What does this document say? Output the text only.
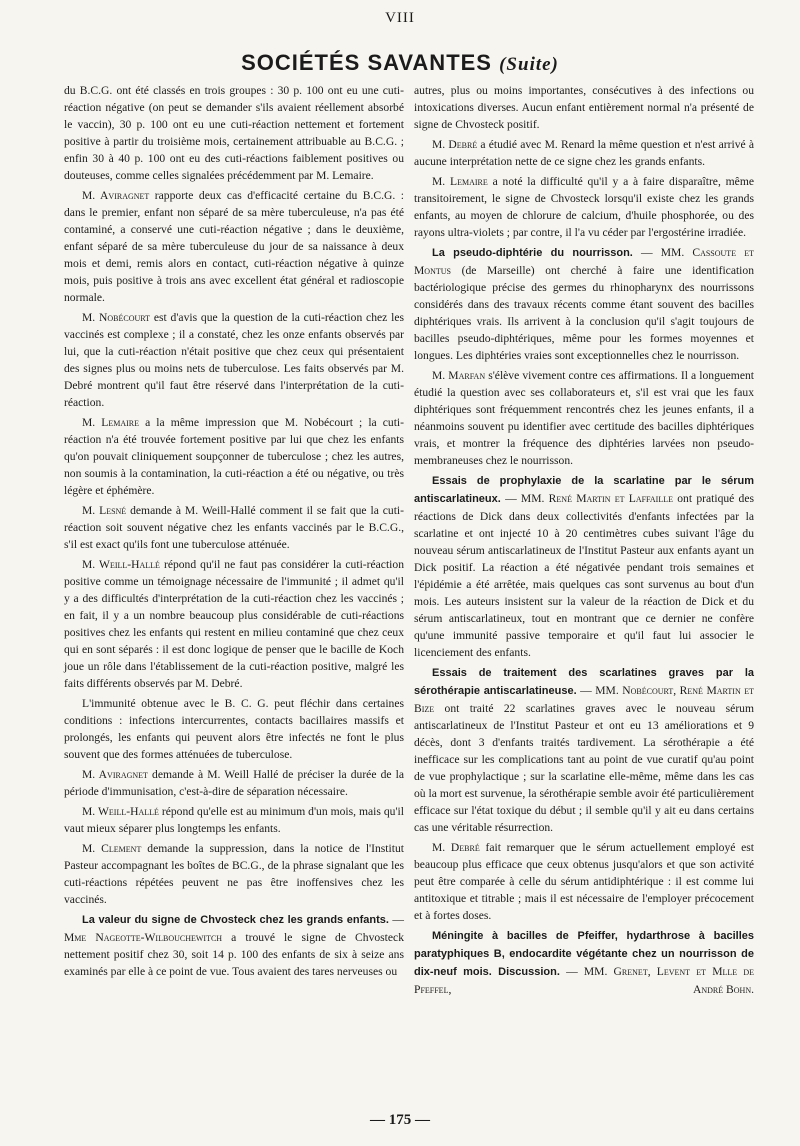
VIII
SOCIÉTÉS SAVANTES (Suite)

du B.C.G. ont été classés en trois groupes : 30 p. 100 ont eu une cuti-réaction négative (on peut se demander s'ils avaient réellement absorbé le vaccin), 30 p. 100 ont eu une cuti-réaction nettement et fortement positive à partir du troisième mois, certainement attribuable au B.C.G. ; enfin 30 à 40 p. 100 ont eu des cuti-réactions faiblement positives ou douteuses, comme celles signalées précédemment par M. Lemaire.

M. Aviragnet rapporte deux cas d'efficacité certaine du B.C.G. : dans le premier, enfant non séparé de sa mère tuberculeuse, n'a pas été contaminé, a conservé une cuti-réaction négative ; dans le deuxième, enfant séparé de sa mère tuberculeuse du jour de sa naissance à deux mois et demi, remis alors en contact, cuti-réaction négative à quinze mois, puis positive à trois ans avec excellent état général et radioscopie normale.

M. Nobécourt est d'avis que la question de la cuti-réaction chez les vaccinés est complexe ; il a constaté, chez les onze enfants observés par lui, que la cuti-réaction n'était positive que chez ceux qui présentaient des signes plus ou moins nets de tuberculose. Les faits observés par M. Debré montrent qu'il faut être réservé dans l'interprétation de la cuti-réaction.

M. Lemaire a la même impression que M. Nobécourt ; la cuti-réaction n'a été trouvée fortement positive par lui que chez les enfants qu'on pouvait cliniquement soupçonner de tuberculose ; chez les autres, non soumis à la contamination, la cuti-réaction a été ou négative, ou très légère et éphémère.

M. Lesné demande à M. Weill-Hallé comment il se fait que la cuti-réaction soit souvent négative chez les enfants vaccinés par le B.C.G., s'il est exact qu'ils font une tuberculose atténuée.

M. Weill-Hallé répond qu'il ne faut pas considérer la cuti-réaction positive comme un témoignage nécessaire de l'immunité ; il admet qu'il y a des difficultés d'interprétation de la cuti-réaction chez les vaccinés ; en fait, il y a un nombre beaucoup plus considérable de cuti-réactions positives chez les enfants qui restent en milieu contaminé que chez ceux qui en sont séparés : il est donc logique de penser que le bacille de Koch joue un rôle dans l'établissement de la cuti-réaction positive, malgré les faits différents observés par M. Debré.

L'immunité obtenue avec le B. C. G. peut fléchir dans certaines conditions : infections intercurrentes, contacts bacillaires massifs et prolongés, les enfants qui peuvent alors être infectés ne font le plus souvent que des formes atténuées de tuberculose.

M. Aviragnet demande à M. Weill Hallé de préciser la durée de la période d'immunisation, c'est-à-dire de séparation nécessaire.

M. Weill-Hallé répond qu'elle est au minimum d'un mois, mais qu'il vaut mieux séparer plus longtemps les enfants.

M. Clement demande la suppression, dans la notice de l'Institut Pasteur accompagnant les boîtes de BC.G., de la phrase signalant que les cuti-réactions répétées peuvent ne pas être inoffensives chez les vaccinés.

La valeur du signe de Chvosteck chez les grands enfants. — Mme Nageotte-Wilbouchewitch a trouvé le signe de Chvosteck nettement positif chez 30, soit 14 p. 100 des enfants de six à seize ans examinés par elle à ce point de vue. Tous avaient des tares nerveuses ou

autres, plus ou moins importantes, consécutives à des infections ou intoxications diverses. Aucun enfant entièrement normal n'a présenté de signe de Chvosteck positif.

M. Debré a étudié avec M. Renard la même question et n'est arrivé à aucune interprétation nette de ce signe chez les grands enfants.

M. Lemaire a noté la difficulté qu'il y a à faire disparaître, même transitoirement, le signe de Chvosteck lorsqu'il existe chez les grands enfants, au moyen de chlorure de calcium, d'huile phosphorée, ou des rayons ultra-violets ; par contre, il l'a vu céder par l'ergostérine irradiée.

La pseudo-diphtérie du nourrisson. — MM. Cassoute et Montus (de Marseille) ont cherché à faire une identification bactériologique précise des germes du rhinopharynx des nourrissons considérés dans des travaux récents comme étant souvent des bacilles diphtériques vrais. Ils arrivent à la conclusion qu'il s'agit toujours de bacilles pseudo-diphtériques, même pour les formes moyennes et longues. Les diphtéries vraies sont exceptionnelles chez le nourrisson.

M. Marfan s'élève vivement contre ces affirmations. Il a longuement étudié la question avec ses collaborateurs et, s'il est vrai que les faux diphtériques sont fréquemment rencontrés chez les jeunes enfants, il a néanmoins souvent pu identifier avec certitude des bacilles diphtériques vrais, et montrer la fréquence des diphtéries larvées non pseudo-membraneuses chez le nourrisson.

Essais de prophylaxie de la scarlatine par le sérum antiscarlatineux. — MM. René Martin et Laffaille ont pratiqué des réactions de Dick dans deux collectivités d'enfants infectées par la scarlatine et ont injecté 10 à 20 centimètres cubes suivant l'âge du nouveau sérum antiscarlatineux de l'Institut Pasteur aux enfants ayant un Dick positif. La réaction a été négativée pendant trois semaines et l'épidémie a été arrêtée, mais quelques cas sont survenus au bout d'un mois. Les auteurs insistent sur la valeur de la réaction de Dick et du sérum antiscarlatineux, tout en montrant que ce dernier ne confère qu'une immunité passive temporaire et qu'il faut lui associer le licenciement des enfants.

Essais de traitement des scarlatines graves par la sérothérapie antiscarlatineuse. — MM. Nobécourt, René Martin et Bize ont traité 22 scarlatines graves avec le nouveau sérum antiscarlatineux de l'Institut Pasteur et ont eu 13 améliorations et 9 décès, dont 3 d'enfants traités tardivement. La sérothérapie a été inefficace sur les complications tant au point de vue curatif qu'au point de vue prophylactique ; sur la scarlatine elle-même, même dans les cas où la mort est survenue, la sérothérapie semble avoir été particulièrement efficace sur l'état toxique du début ; il semble qu'il y ait eu dans certains cas une véritable résurrection.

M. Debré fait remarquer que le sérum actuellement employé est beaucoup plus efficace que ceux obtenus jusqu'alors et que son activité peut être comparée à celle du sérum antidiphtérique : il est comme lui antitoxique et titrable ; mais il est nécessaire de l'employer précocement et à fortes doses.

Méningite à bacilles de Pfeiffer, hydarthrose à bacilles paratyphiques B, endocardite végétante chez un nourrisson de dix-neuf mois. Discussion. — MM. Grenet, Levent et Mlle de Pfeffel,	André Bohn.

— 175 —
